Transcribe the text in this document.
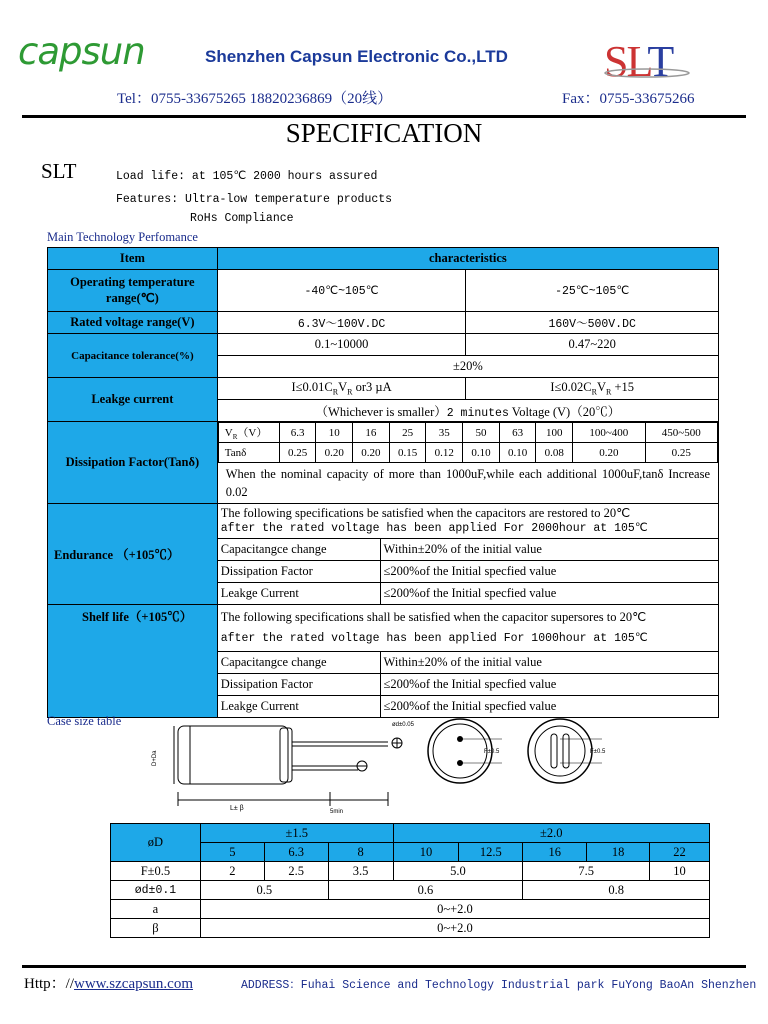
capsun	Shenzhen Capsun Electronic Co.,LTD SLT
Tel：0755-33675265 18820236869（20线）	Fax：0755-33675266
SPECIFICATION
SLT	Load life: at 105℃ 2000 hours assured
Features: Ultra-low temperature products
RoHs Compliance
Main Technology Perfomance
Item	characteristics
Operating temperature range(℃)	-40℃~105℃	-25℃~105℃
Rated voltage range(V)	6.3V～100V.DC	160V～500V.DC
Capacitance tolerance(%)	0.1~10000	0.47~220
±20%
Leakge current	$I\le 0.01C_RV_R$ or3 µA	$I\le 0.02C_RV_R +15$
（Whichever is smaller）2 minutes Voltage (V)（20℃）
Dissipation Factor(Tanδ)	
$V_R(V)$	6.3	10	16	25	35	50	63	100	100~400	450~500
Tanδ	0.25	0.20	0.20	0.15	0.12	0.10	0.10	0.08	0.20	0.25
When the nominal capacity of more than 1000uF,while each additional 1000uF,tanδ Increase 0.02

Endurance （+105℃）	
The following specifications be satisfied when the capacitors are restored to 20℃
after the rated voltage has been applied For 2000hour at 105℃

Capacitangce change	Within±20% of the initial value
Dissipation Factor	≤200%of the Initial specfied value
Leakge Current	≤200%of the Initial specfied value
Shelf life（+105℃）	The following specifications shall be satisfied when the capacitor supersores to 20℃
after the rated voltage has been applied For 1000hour at 105℃

Capacitangce change	Within±20% of the initial value
Dissipation Factor	≤200%of the Initial specfied value
Leakge Current	≤200%of the Initial specfied value
Case size table
D+Da
L± β	5min
ød±0.05
F±0.5	F±0.5
øD	±1.5			±2.0				
	5	6.3	8	10	12.5	16	18	22
F±0.5	2	2.5	3.5	5.0		7.5		10
ød±0.1	0.5		0.6			0.8		
a	0~+2.0							
β	0~+2.0							
Http：//www.szcapsun.com	ADDRESS：Fuhai Science and Technology Industrial park FuYong BaoAn Shenzhen
